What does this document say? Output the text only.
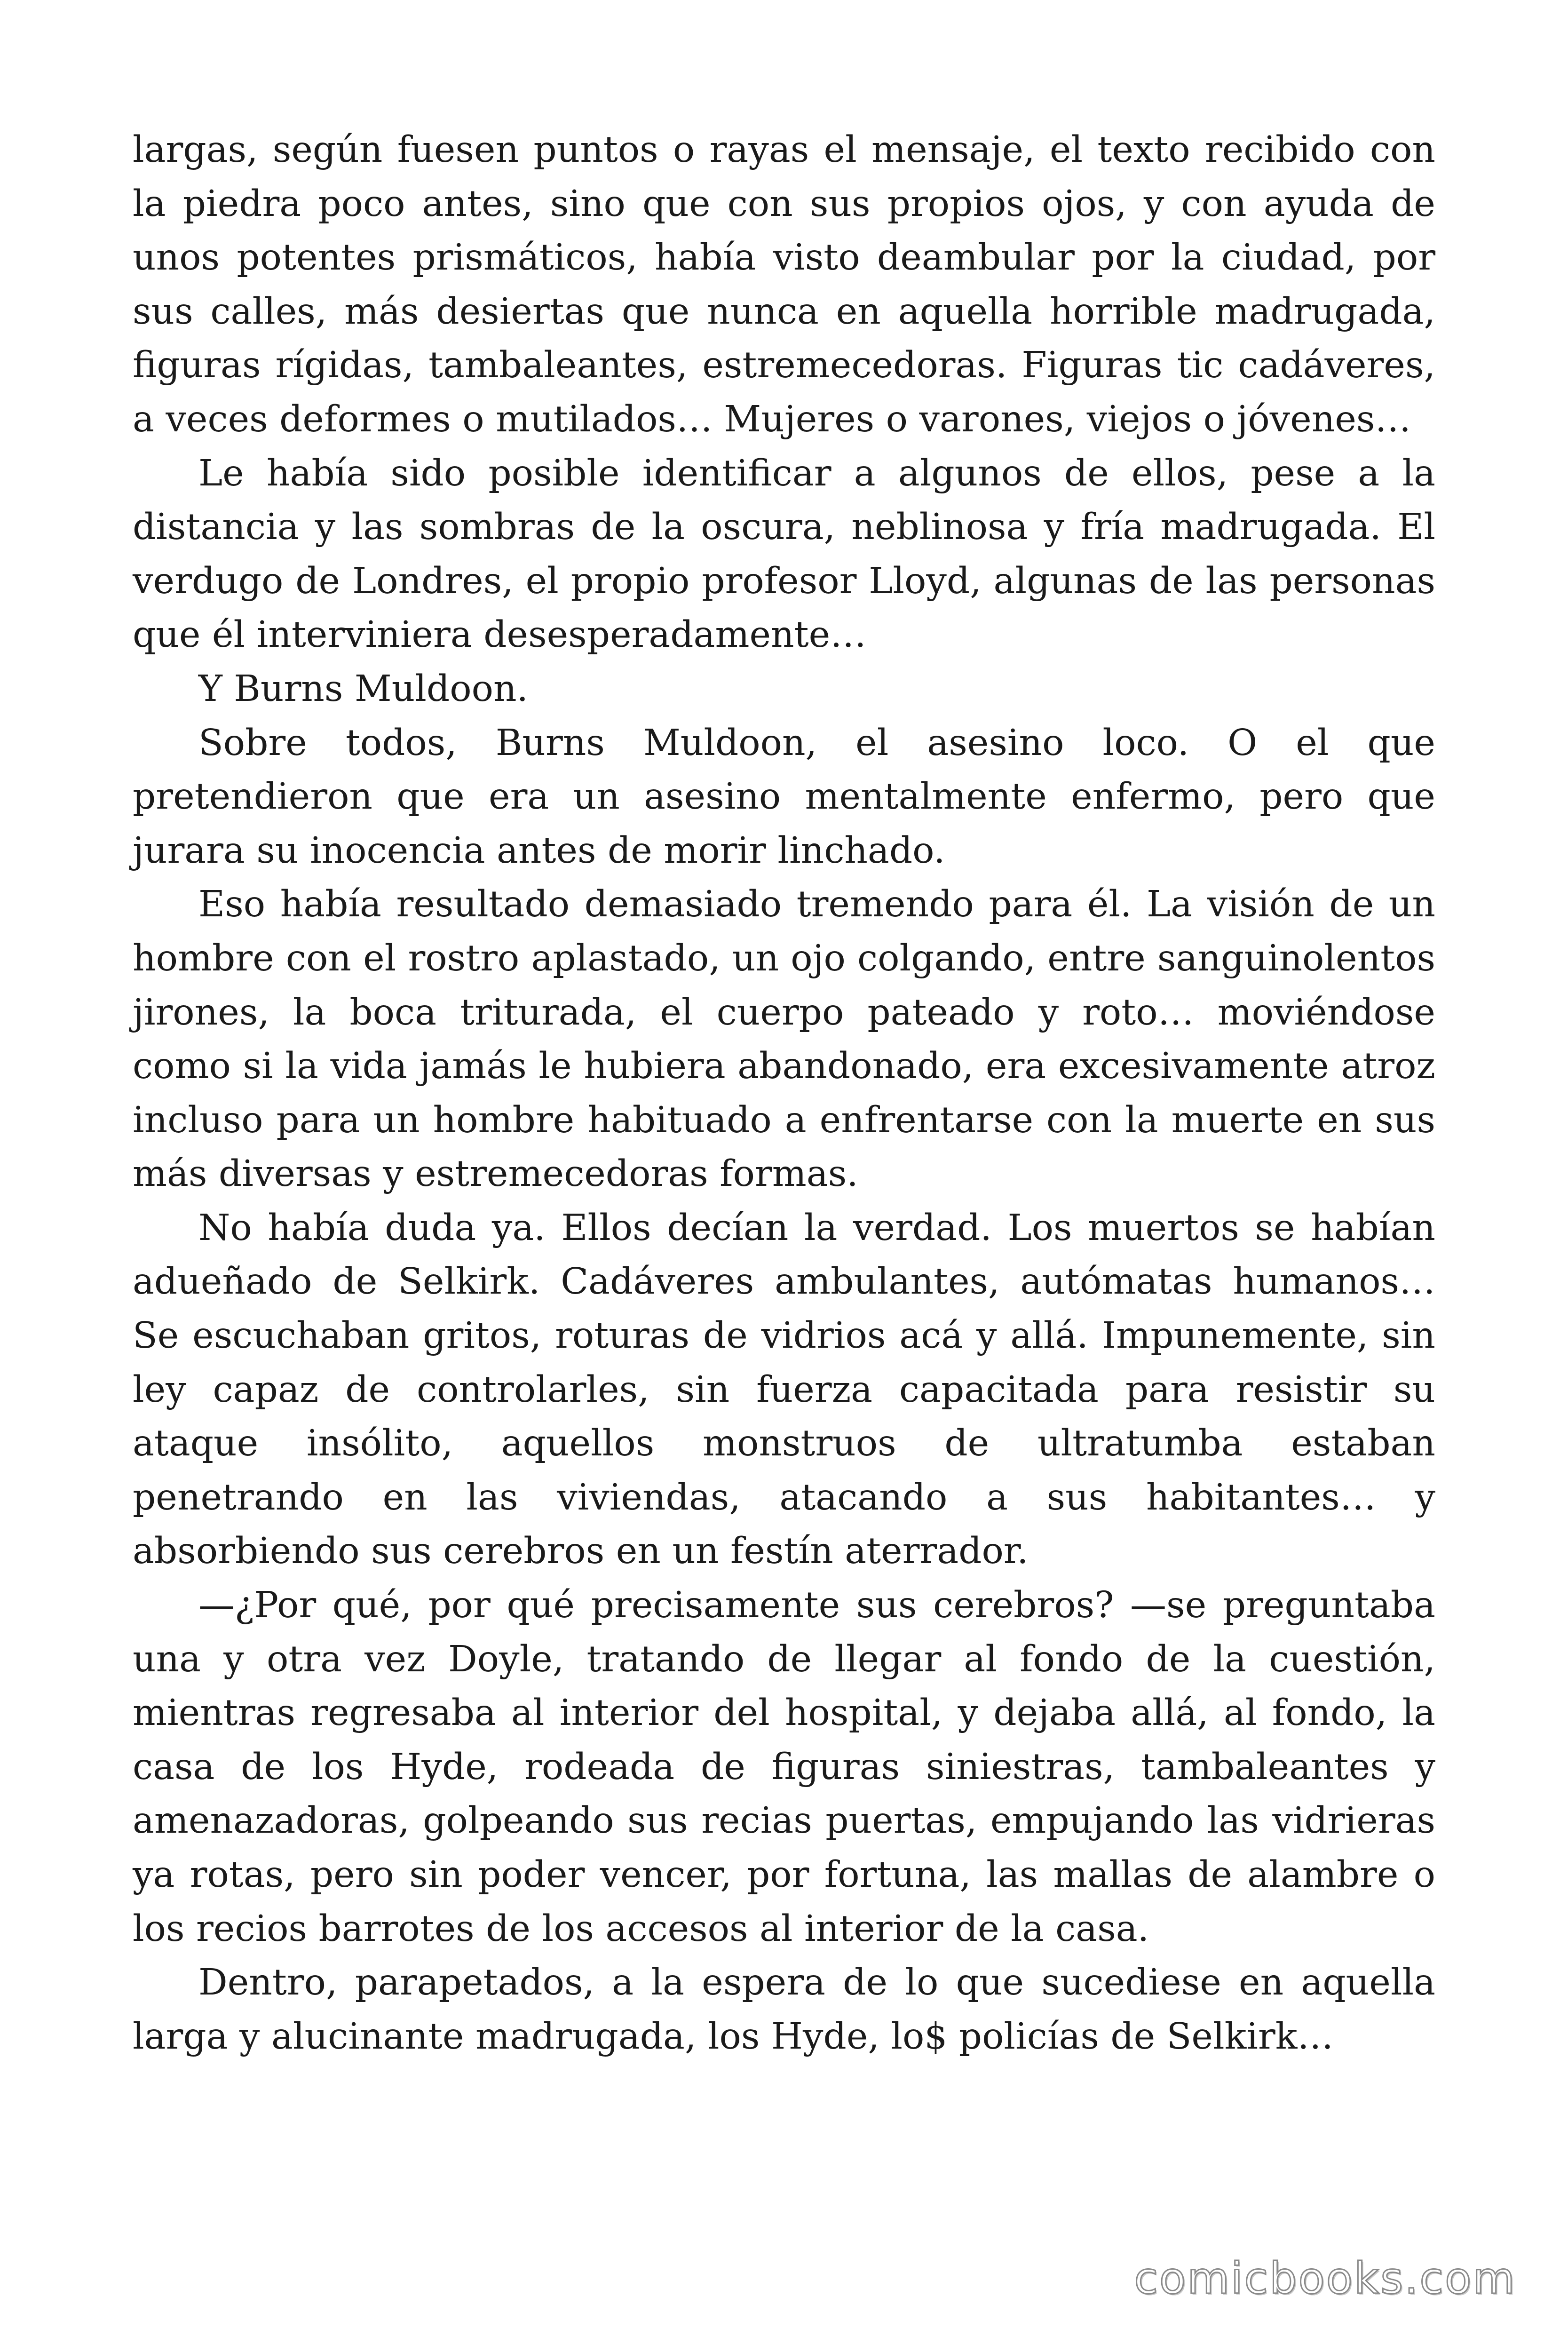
largas, según fuesen puntos o rayas el mensaje, el texto recibido con la piedra poco antes, sino que con sus propios ojos, y con ayuda de unos potentes prismáticos, había visto deambular por la ciudad, por sus calles, más desiertas que nunca en aquella horrible madrugada, figuras rígidas, tambaleantes, estremecedoras. Figuras tic cadáveres, a veces deformes o mutilados… Mujeres o varones, viejos o jóvenes…

Le había sido posible identificar a algunos de ellos, pese a la distancia y las sombras de la oscura, neblinosa y fría madrugada. El verdugo de Londres, el propio profesor Lloyd, algunas de las personas que él interviniera desesperadamente…

Y Burns Muldoon.

Sobre todos, Burns Muldoon, el asesino loco. O el que pretendieron que era un asesino mentalmente enfermo, pero que jurara su inocencia antes de morir linchado.

Eso había resultado demasiado tremendo para él. La visión de un hombre con el rostro aplastado, un ojo colgando, entre sanguinolentos jirones, la boca triturada, el cuerpo pateado y roto… moviéndose como si la vida jamás le hubiera abandonado, era excesivamente atroz incluso para un hombre habituado a enfrentarse con la muerte en sus más diversas y estremecedoras formas.

No había duda ya. Ellos decían la verdad. Los muertos se habían adueñado de Selkirk. Cadáveres ambulantes, autómatas humanos… Se escuchaban gritos, roturas de vidrios acá y allá. Impunemente, sin ley capaz de controlarles, sin fuerza capacitada para resistir su ataque insólito, aquellos monstruos de ultratumba estaban penetrando en las viviendas, atacando a sus habitantes… y absorbiendo sus cerebros en un festín aterrador.

—¿Por qué, por qué precisamente sus cerebros? —se preguntaba una y otra vez Doyle, tratando de llegar al fondo de la cuestión, mientras regresaba al interior del hospital, y dejaba allá, al fondo, la casa de los Hyde, rodeada de figuras siniestras, tambaleantes y amenazadoras, golpeando sus recias puertas, empujando las vidrieras ya rotas, pero sin poder vencer, por fortuna, las mallas de alambre o los recios barrotes de los accesos al interior de la casa.

Dentro, parapetados, a la espera de lo que sucediese en aquella larga y alucinante madrugada, los Hyde, lo$ policías de Selkirk…

comicbooks.com
